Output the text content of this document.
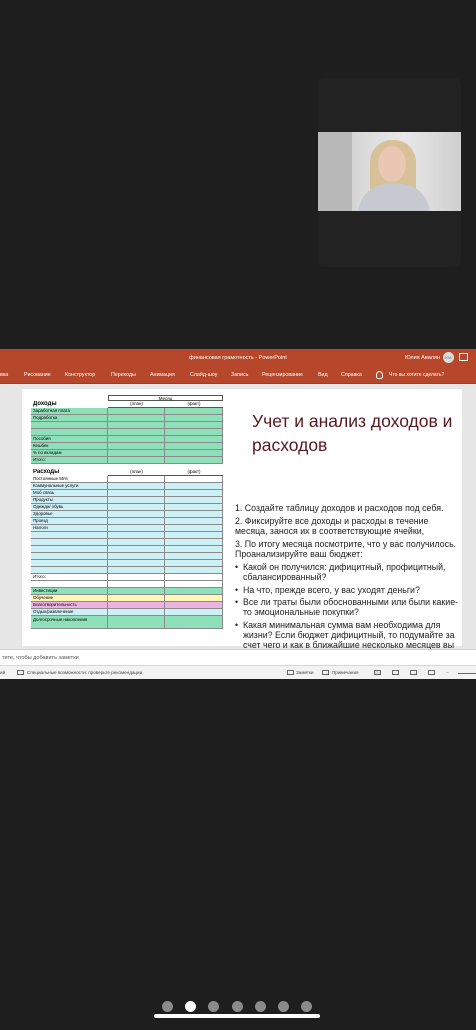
финансовая грамотность - PowerPoint	Юлия Авалян	ЮА
вка	Рисование	Конструктор	Переходы	Анимация	Слайд-шоу	Запись	Рецензирование	Вид	Справка	Что вы хотите сделать?
Месяц
Доходы	(план)	(факт)
Заработная плата
Подработка
Пособия
Кешбек
% по вкладам
Итого:
Расходы	(план)	(факт)
Постоянные 55%
Коммунальные услуги
Моб связь
Продукты
Одежда/ обувь
Здоровье
Проезд
Налоги
Итого:
Инвестиции
Обучение
Благотворительность
Отдых/развлечение
Долгосрочные накопления
Учет и анализ доходов и расходов

1. Создайте таблицу доходов и расходов под себя.

2. Фиксируйте все доходы и расходы в течение месяца, занося их в соответствующие ячейки,

3. По итогу месяца посмотрите, что у вас получилось. Проанализируйте ваш бюджет:

• Какой он получился: дифицитный, профицитный, сбалансированный?
• На что, прежде всего, у вас уходят деньги?
• Все ли траты были обоснованными или были какие-то эмоциональные покупки?
• Какая минимальная сумма вам необходима для жизни? Если бюджет дифицитный, то подумайте за счет чего и как в ближайшие несколько месяцев вы
тите, чтобы добавить заметки
ий	Специальные возможности: проверьте рекомендации	Заметки	Примечания	−
